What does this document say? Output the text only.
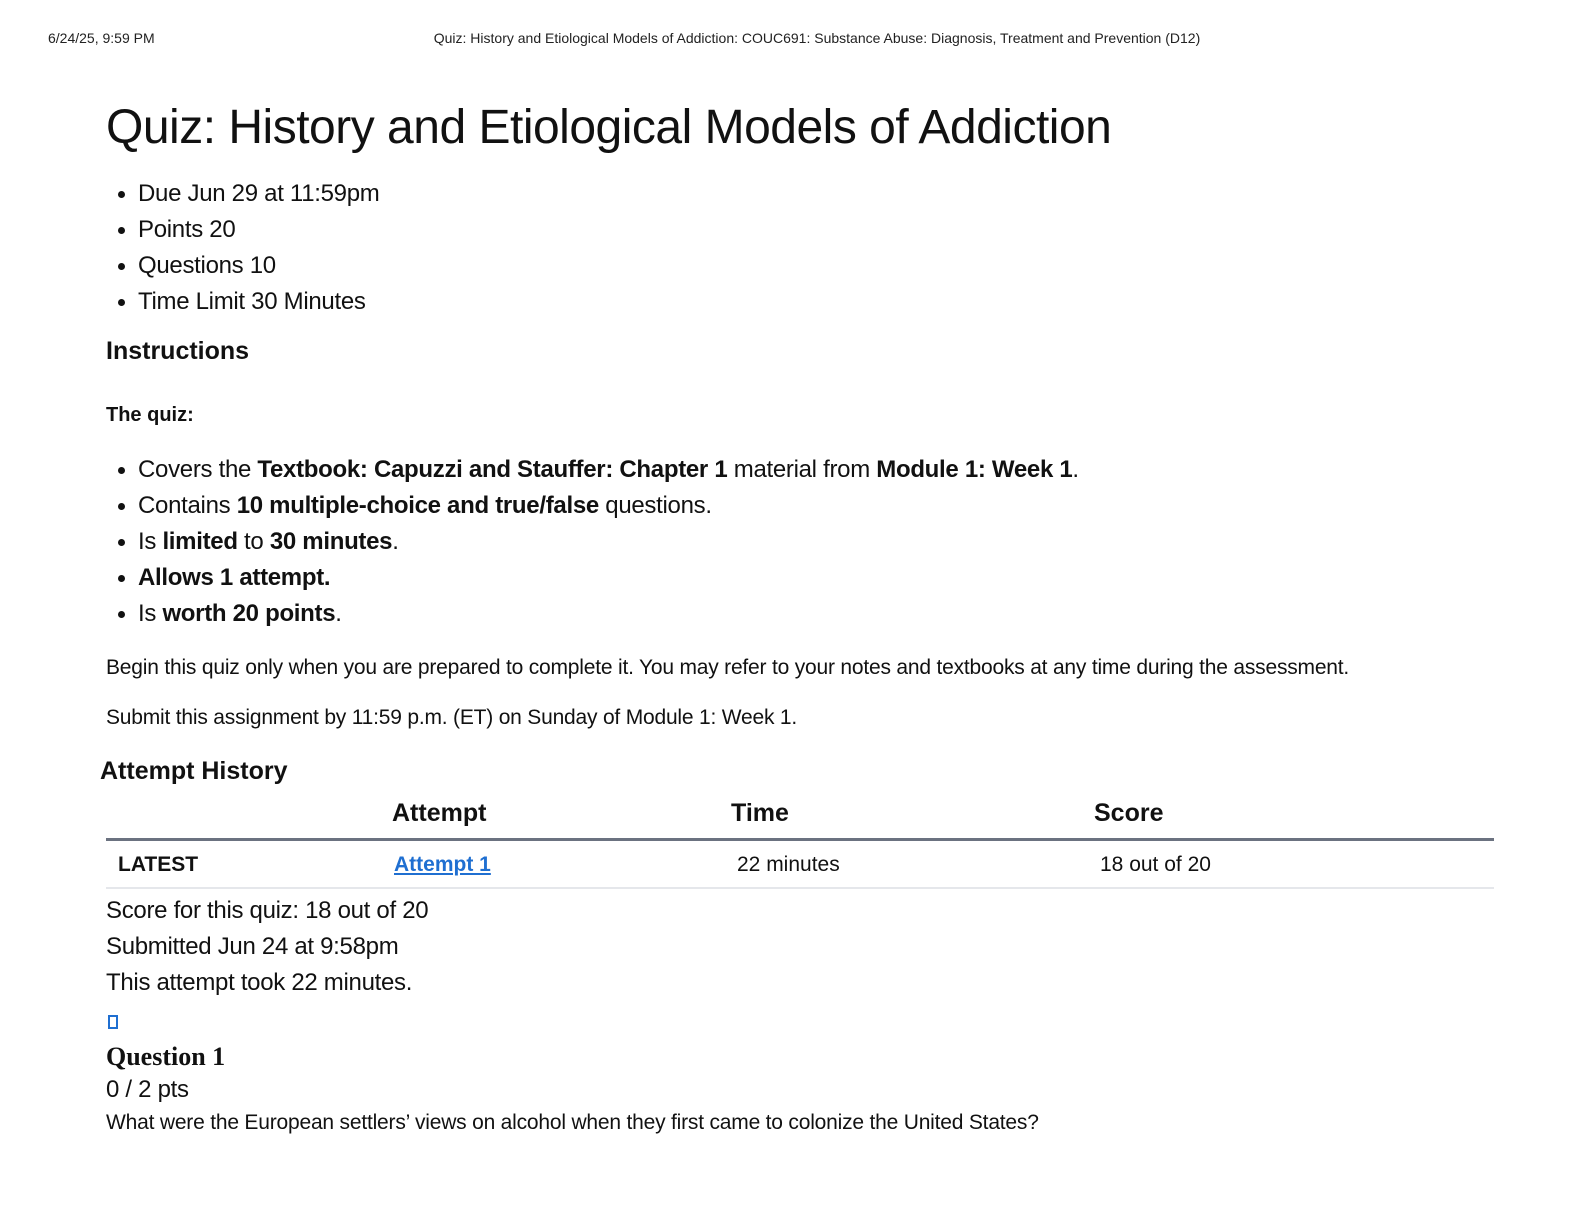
6/24/25, 9:59 PM	Quiz: History and Etiological Models of Addiction: COUC691: Substance Abuse: Diagnosis, Treatment and Prevention (D12)
Quiz: History and Etiological Models of Addiction
Due Jun 29 at 11:59pm
Points 20
Questions 10
Time Limit 30 Minutes
Instructions
The quiz:
Covers the Textbook: Capuzzi and Stauffer: Chapter 1 material from Module 1: Week 1.
Contains 10 multiple-choice and true/false questions.
Is limited to 30 minutes.
Allows 1 attempt.
Is worth 20 points.

Begin this quiz only when you are prepared to complete it. You may refer to your notes and textbooks at any time during the assessment.

Submit this assignment by 11:59 p.m. (ET) on Sunday of Module 1: Week 1.

Attempt History
	Attempt	Time	Score
LATEST	Attempt 1	22 minutes	18 out of 20
Score for this quiz: 18 out of 20
Submitted Jun 24 at 9:58pm
This attempt took 22 minutes.
Question 1
0 / 2 pts
What were the European settlers’ views on alcohol when they first came to colonize the United States?
